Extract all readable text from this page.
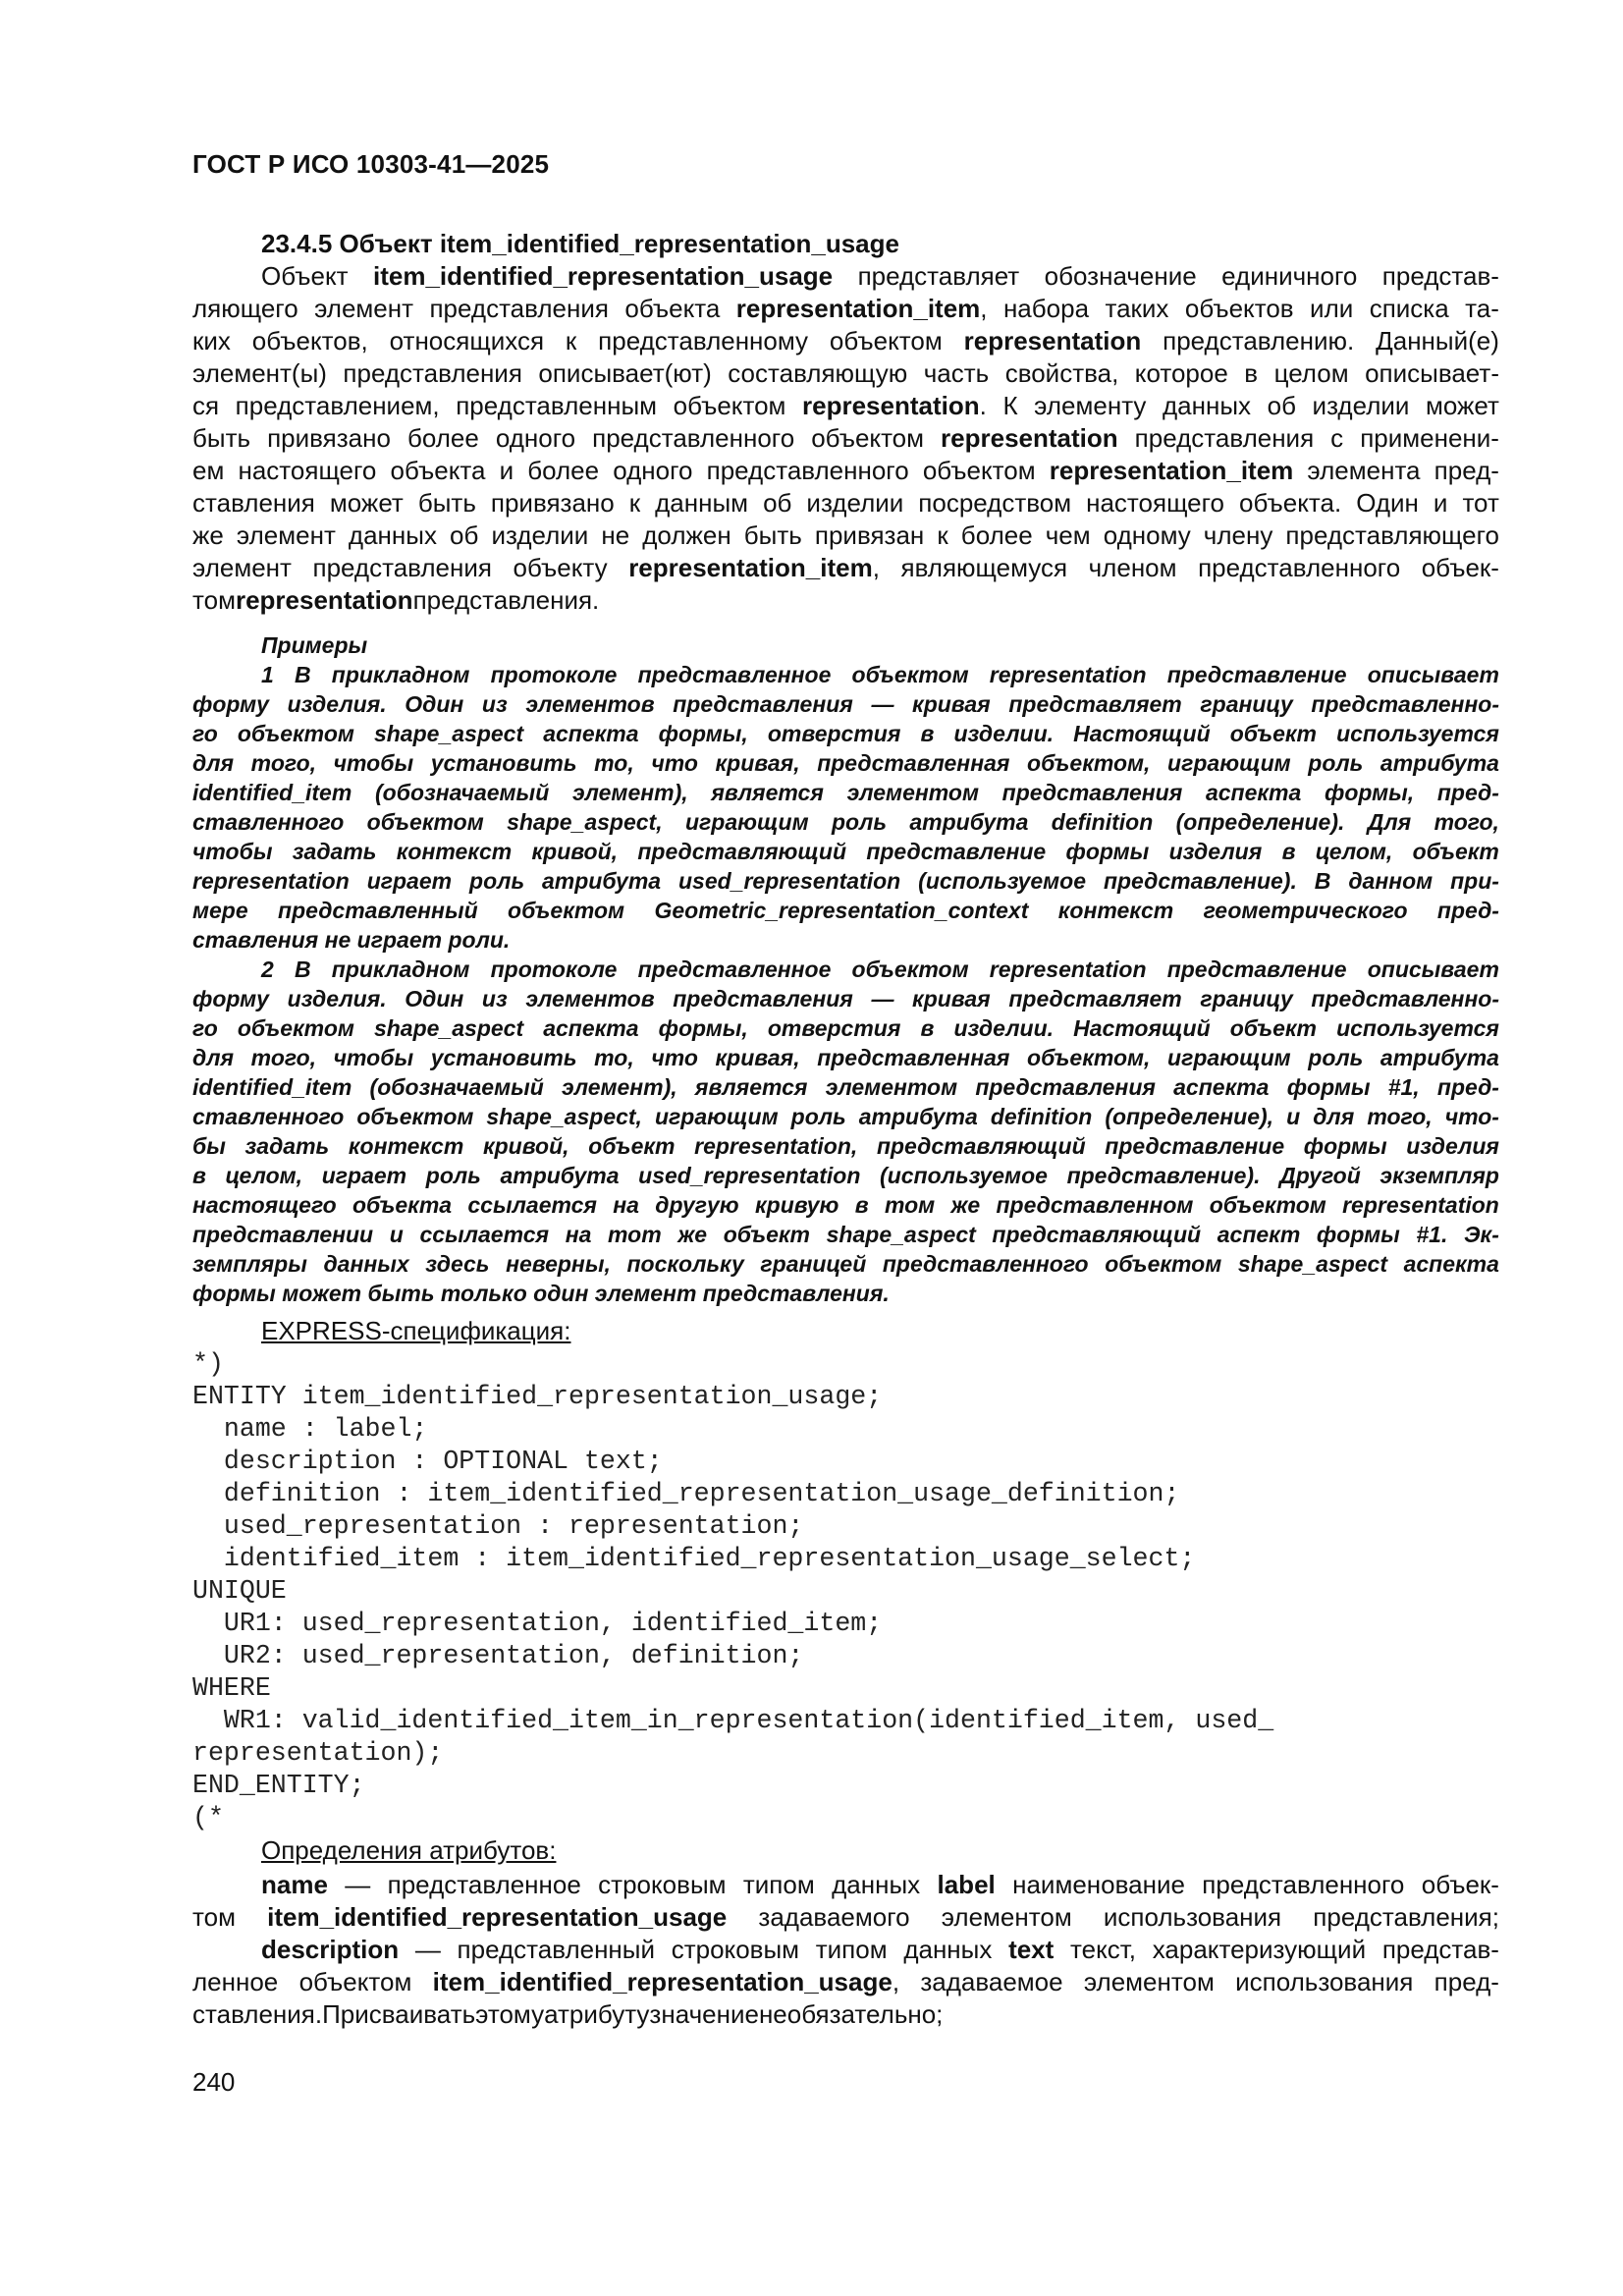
ГОСТ Р ИСО 10303-41—2025
23.4.5 Объект item_identified_representation_usage
Объект item_identified_representation_usage представляет обозначение единичного представ-
ляющего элемент представления объекта representation_item, набора таких объектов или списка та-
ких объектов, относящихся к представленному объектом representation представлению. Данный(е)
элемент(ы) представления описывает(ют) составляющую часть свойства, которое в целом описывает-
ся представлением, представленным объектом representation. К элементу данных об изделии может
быть привязано более одного представленного объектом representation представления с применени-
ем настоящего объекта и более одного представленного объектом representation_item элемента пред-
ставления может быть привязано к данным об изделии посредством настоящего объекта. Один и тот
же элемент данных об изделии не должен быть привязан к более чем одному члену представляющего
элемент представления объекту representation_item, являющемуся членом представленного объек-
том representation представления.
Примеры
1 В прикладном протоколе представленное объектом representation представление описывает
форму изделия. Один из элементов представления — кривая представляет границу представленно-
го объектом shape_aspect аспекта формы, отверстия в изделии. Настоящий объект используется
для того, чтобы установить то, что кривая, представленная объектом, играющим роль атрибута
identified_item (обозначаемый элемент), является элементом представления аспекта формы, пред-
ставленного объектом shape_aspect, играющим роль атрибута definition (определение). Для того,
чтобы задать контекст кривой, представляющий представление формы изделия в целом, объект
representation играет роль атрибута used_representation (используемое представление). В данном при-
мере представленный объектом Geometric_representation_context контекст геометрического пред-
ставления не играет роли.
2 В прикладном протоколе представленное объектом representation представление описывает
форму изделия. Один из элементов представления — кривая представляет границу представленно-
го объектом shape_aspect аспекта формы, отверстия в изделии. Настоящий объект используется
для того, чтобы установить то, что кривая, представленная объектом, играющим роль атрибута
identified_item (обозначаемый элемент), является элементом представления аспекта формы #1, пред-
ставленного объектом shape_aspect, играющим роль атрибута definition (определение), и для того, что-
бы задать контекст кривой, объект representation, представляющий представление формы изделия
в целом, играет роль атрибута used_representation (используемое представление). Другой экземпляр
настоящего объекта ссылается на другую кривую в том же представленном объектом representation
представлении и ссылается на тот же объект shape_aspect представляющий аспект формы #1. Эк-
земпляры данных здесь неверны, поскольку границей представленного объектом shape_aspect аспекта
формы может быть только один элемент представления.
EXPRESS-спецификация:
*)
ENTITY item_identified_representation_usage;
name : label;
description : OPTIONAL text;
definition : item_identified_representation_usage_definition;
used_representation : representation;
identified_item : item_identified_representation_usage_select;
UNIQUE
UR1: used_representation, identified_item;
UR2: used_representation, definition;
WHERE
WR1: valid_identified_item_in_representation(identified_item, used_
representation);
END_ENTITY;
(*
Определения атрибутов:
name — представленное строковым типом данных label наименование представленного объек-
том item_identified_representation_usage задаваемого элементом использования представления;
description — представленный строковым типом данных text текст, характеризующий представ-
ленное объектом item_identified_representation_usage, задаваемое элементом использования пред-
ставления. Присваивать этому атрибуту значение не обязательно;
240
